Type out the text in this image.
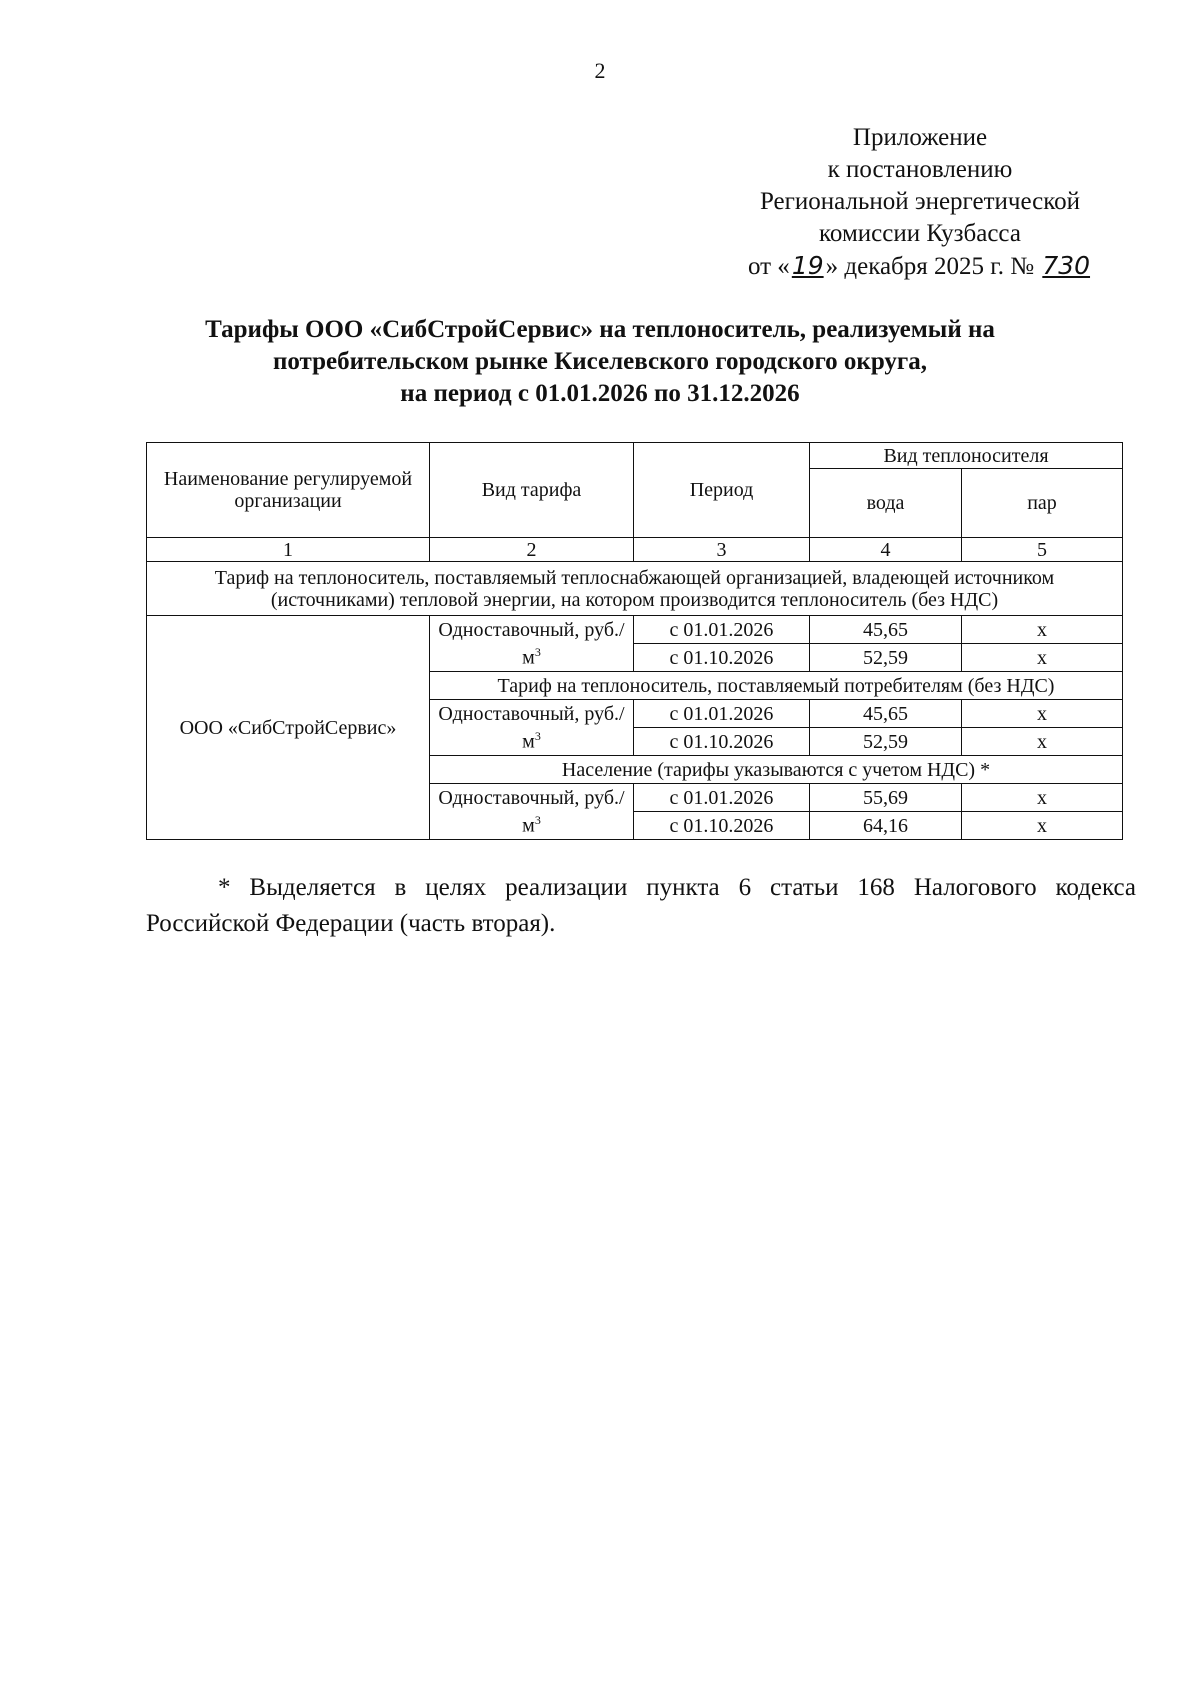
2
Приложение
к постановлению
Региональной энергетической
комиссии Кузбасса
от «19» декабря 2025 г. № 730
Тарифы ООО «СибСтройСервис» на теплоноситель, реализуемый на
потребительском рынке Киселевского городского округа,
на период с 01.01.2026 по 31.12.2026
Наименование регулируемой организации	Вид тарифа	Период	Вид теплоносителя	
			вода	пар
1	2	3	4	5
Тариф на теплоноситель, поставляемый теплоснабжающей организацией, владеющей источником (источниками) тепловой энергии, на котором производится теплоноситель (без НДС)				
ООО «СибСтройСервис»	Одноставочный, $руб./м^3$	с 01.01.2026	45,65	х
		с 01.10.2026	52,59	х
	Тариф на теплоноситель, поставляемый потребителям (без НДС)			
	Одноставочный, $руб./м^3$	с 01.01.2026	45,65	х
		с 01.10.2026	52,59	х
	Население (тарифы указываются с учетом НДС) *			
	Одноставочный, $руб./м^3$	с 01.01.2026	55,69	х
		с 01.10.2026	64,16	х
* Выделяется в целях реализации пункта 6 статьи 168 Налогового кодекса Российской Федерации (часть вторая).
